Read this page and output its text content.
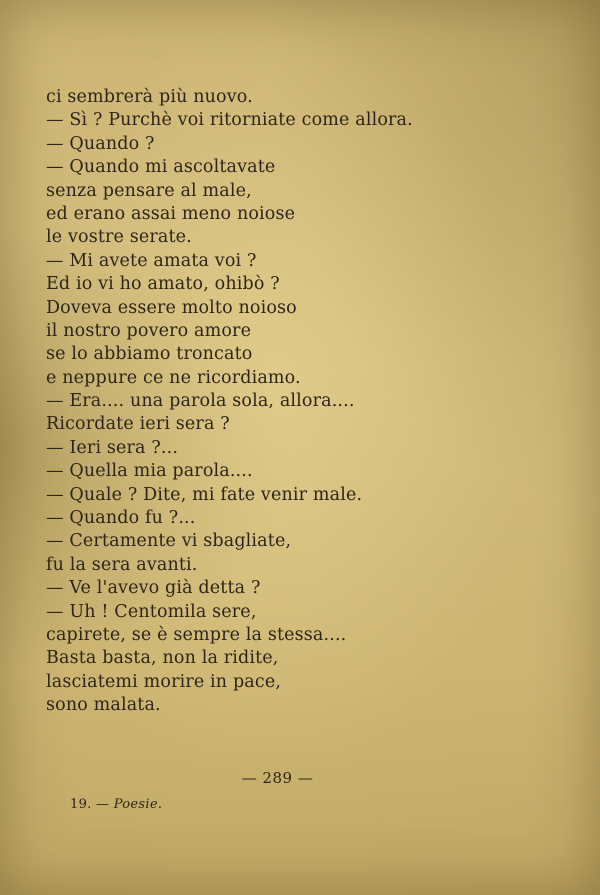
ci sembrerà più nuovo.
— Sì ? Purchè voi ritorniate come allora.
— Quando ?
— Quando mi ascoltavate
senza pensare al male,
ed erano assai meno noiose
le vostre serate.
— Mi avete amata voi ?
Ed io vi ho amato, ohibò ?
Doveva essere molto noioso
il nostro povero amore
se lo abbiamo troncato
e neppure ce ne ricordiamo.
— Era.... una parola sola, allora....
Ricordate ieri sera ?
— Ieri sera ?...
— Quella mia parola....
— Quale ? Dite, mi fate venir male.
— Quando fu ?...
— Certamente vi sbagliate,
fu la sera avanti.
— Ve l'avevo già detta ?
— Uh ! Centomila sere,
capirete, se è sempre la stessa....
Basta basta, non la ridite,
lasciatemi morire in pace,
sono malata.
— 289 —
19. — Poesie.
